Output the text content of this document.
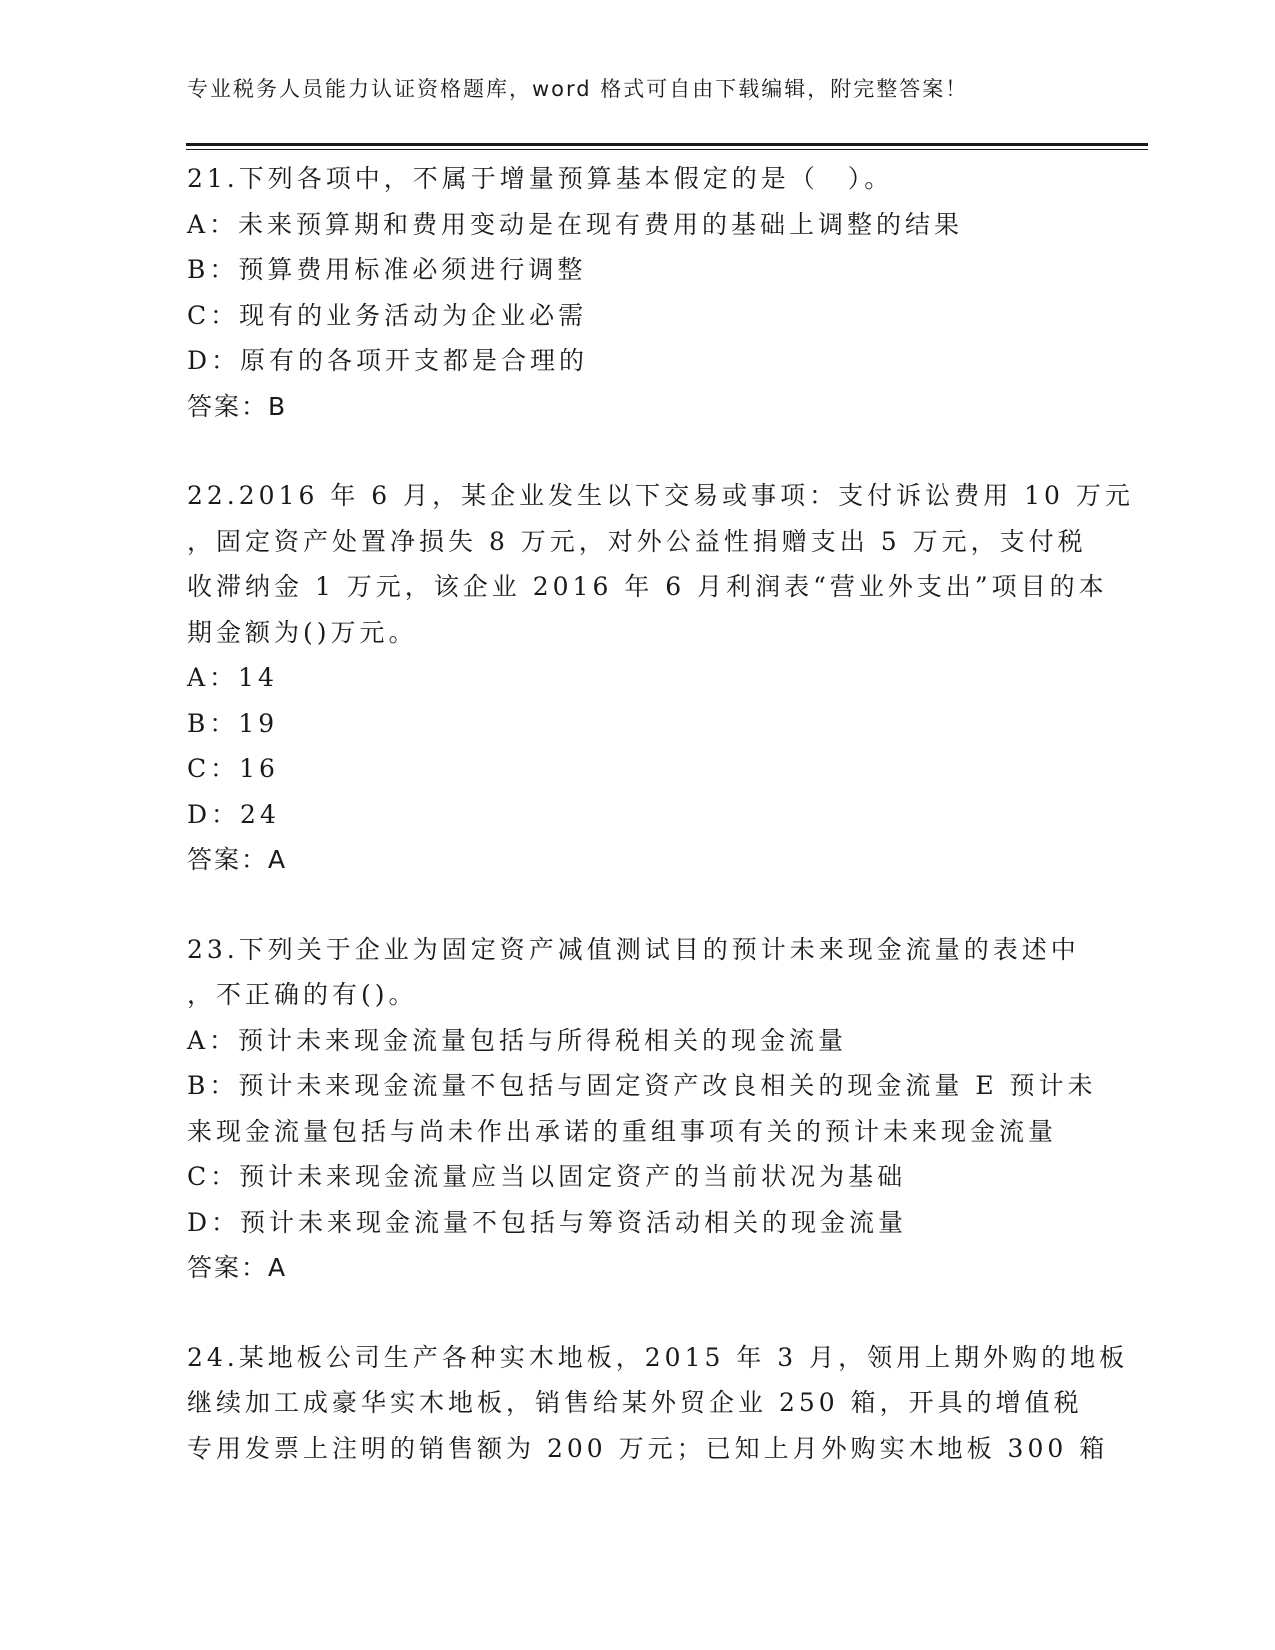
专业税务人员能力认证资格题库，word 格式可自由下载编辑，附完整答案！
21.下列各项中，不属于增量预算基本假定的是（　）。
A：未来预算期和费用变动是在现有费用的基础上调整的结果
B：预算费用标准必须进行调整
C：现有的业务活动为企业必需
D：原有的各项开支都是合理的
答案：B
22.2016 年 6 月，某企业发生以下交易或事项：支付诉讼费用 10 万元
，固定资产处置净损失 8 万元，对外公益性捐赠支出 5 万元，支付税
收滞纳金 1 万元，该企业 2016 年 6 月利润表“营业外支出”项目的本
期金额为()万元。
A：14
B：19
C：16
D：24
答案：A
23.下列关于企业为固定资产减值测试目的预计未来现金流量的表述中
，不正确的有()。
A：预计未来现金流量包括与所得税相关的现金流量
B：预计未来现金流量不包括与固定资产改良相关的现金流量 E 预计未
来现金流量包括与尚未作出承诺的重组事项有关的预计未来现金流量
C：预计未来现金流量应当以固定资产的当前状况为基础
D：预计未来现金流量不包括与筹资活动相关的现金流量
答案：A
24.某地板公司生产各种实木地板，2015 年 3 月，领用上期外购的地板
继续加工成豪华实木地板，销售给某外贸企业 250 箱，开具的增值税
专用发票上注明的销售额为 200 万元；已知上月外购实木地板 300 箱
